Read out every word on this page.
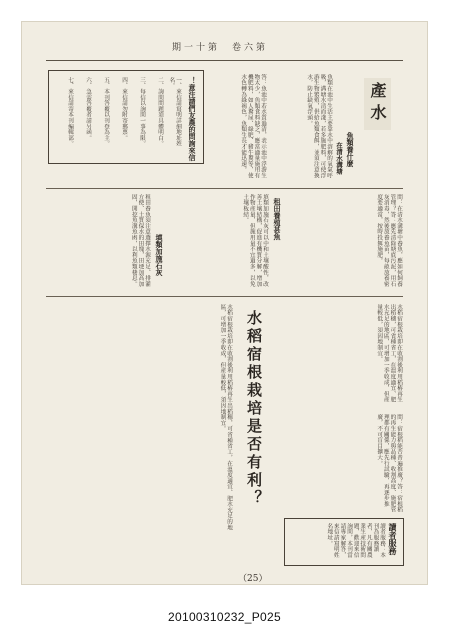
期一十第　卷六第
產水
魚類養什麼
在清水溝塘
魚類在池中生活主要靠水中溶解的氧氣呼吸，溝塘水清而淺，若多施肥料，可使浮游生物繁殖，供給魚類食餌，並須注意換水，防止缺氧浮頭。
答：魚池中若水質過清，表示池中浮游生物太少，魚類食料缺乏，應當適量施用有機肥料，如人糞尿、綠肥、豬牛糞等，使水色轉為綠褐色，魚類生長才能迅速。
！意注請們友農的問詢來信
一、來信請寫明詳細地址姓名。
二、詢問問題須具體明白。
三、每信以詢問一事為限。
四、來信請勿附寄郵票。
五、本刊答覆以刊登為主。
六、急需答覆者請另函。
七、來信請寄本刊編輯部。
問：在清水溝塘中養魚，應如何飼養管理？答：應先清除塘底污泥，用石灰消毒，然後放養魚苗，每畝放養密度要適當，按時投餌施肥。
租田養殖甚魚
填類加施石灰可以中和土壤酸性，改善土壤結構，促進有機質分解，增加作物產量，但施用量不宜過多，以免土壤板結。
填類加施石灰
租田養魚須注意選擇水源充足、排灌方便、土質保水的田塊，田埂加高加固，開挖魚溝魚凼，以利魚類棲息。
水稻宿根栽培即在收割後利用稻樁再生出稻穗，可省種省工，在溫度適宜、肥水充足的地區，可增加一季收成，但產量較低，須因地制宜。
問：宿根稻能否普遍推廣？答：宿根稻的再生能力與品種、收割高度、施肥管理都有關係，應先行試驗，再逐步推廣，不可盲目擴大。
水稻宿根栽培是否有利？
水稻宿根栽培即在收割後利用稻樁再生出稻穗，可省種省工，在溫度適宜、肥水充足的地區，可增加一季收成，但產量較低，須因地制宜。
讀者服務
讀者服務：本刊為服務讀者，凡有關農業生產技術問題，歡迎來信詢問，本刊當請專家解答，來信請寫明姓名地址。
（25）
20100310232_P025
